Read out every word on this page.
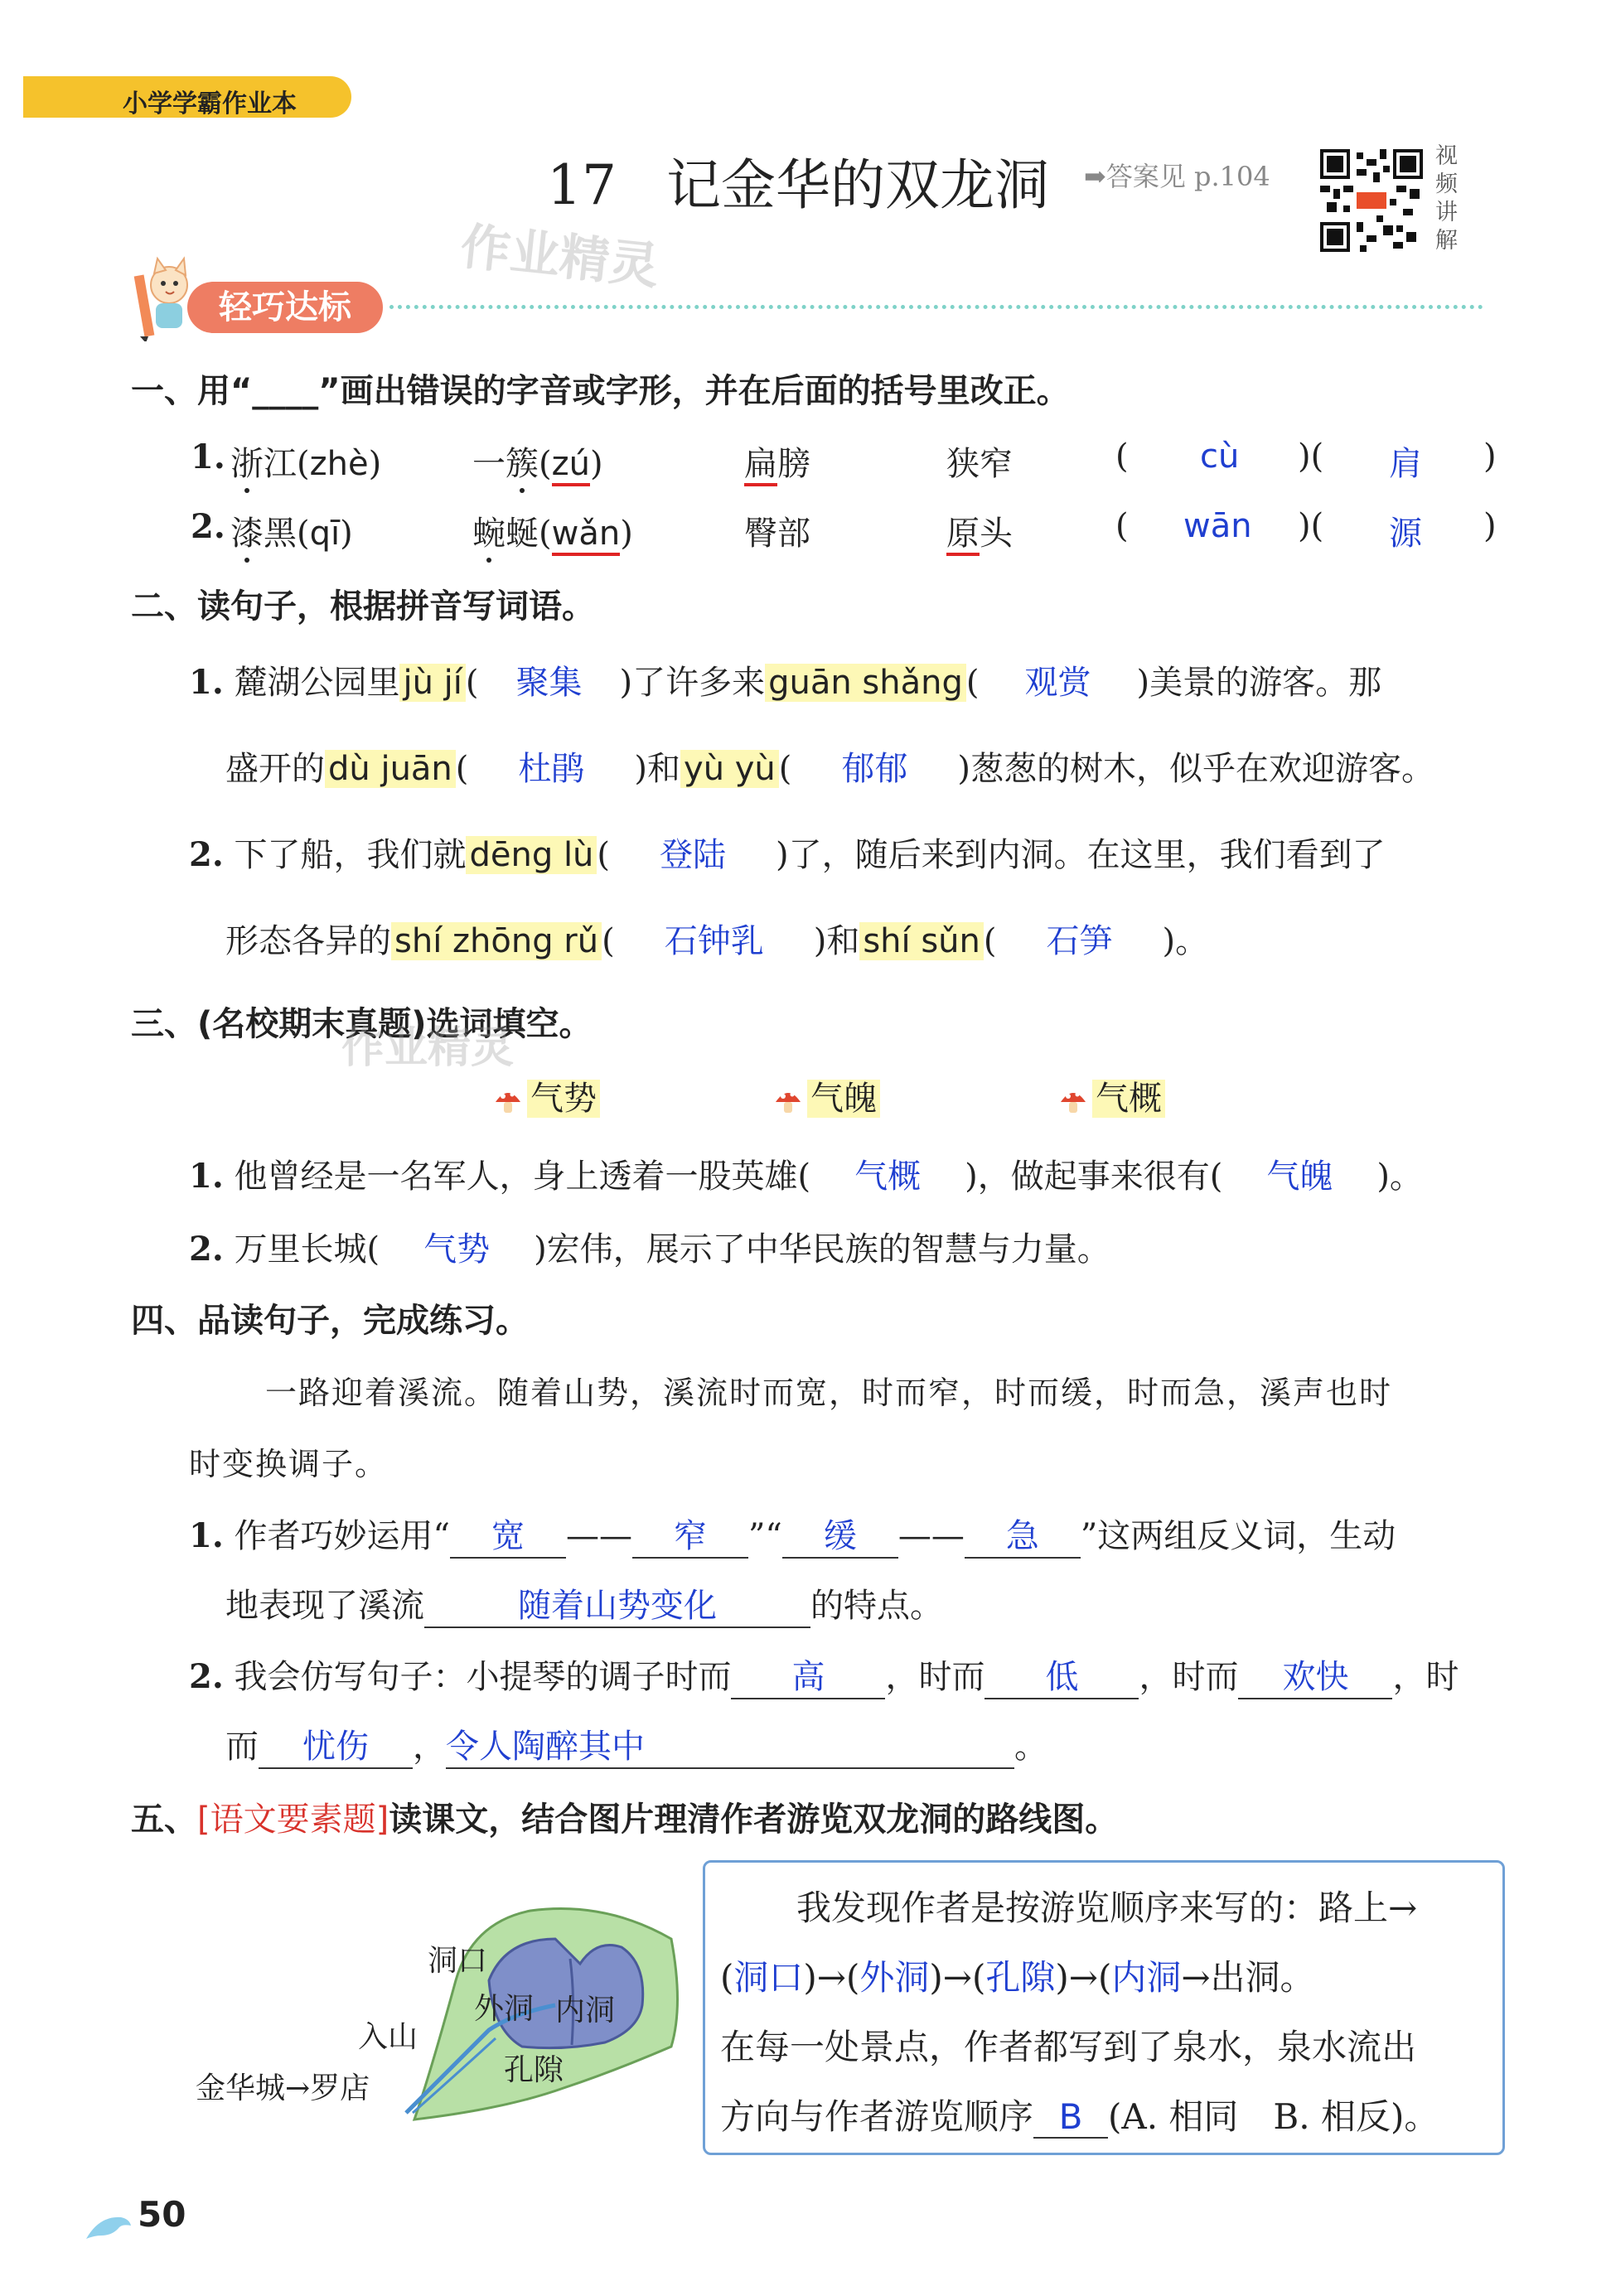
小学学霸作业本
17 记金华的双龙洞 ➡答案见 p.104
视频讲解
作业精灵
轻巧达标
一、用“____”画出错误的字音或字形，并在后面的括号里改正。
1. 浙江(zhè)	一簇(zú)	扁膀	狭窄	( cù )( 肩 )
2. 漆黑(qī)	蜿蜒(wǎn)	臀部	原头	( wān )( 源 )
二、读句子，根据拼音写词语。
1. 麓湖公园里 jù jí ( 聚集 )了许多来 guān shǎng ( 观赏 )美景的游客。那
盛开的 dù juān ( 杜鹃 )和 yù yù ( 郁郁 )葱葱的树木，似乎在欢迎游客。
2. 下了船，我们就 dēng lù ( 登陆 )了，随后来到内洞。在这里，我们看到了
形态各异的 shí zhōng rǔ ( 石钟乳 )和 shí sǔn ( 石笋 )。
三、(名校期末真题)选词填空。
作业精灵
气势	气魄	气概
1. 他曾经是一名军人，身上透着一股英雄( 气概 )，做起事来很有( 气魄 )。
2. 万里长城( 气势 )宏伟，展示了中华民族的智慧与力量。
四、品读句子，完成练习。
一路迎着溪流。随着山势，溪流时而宽，时而窄，时而缓，时而急，溪声也时
时变换调子。
1. 作者巧妙运用“ 宽 —— 窄 ”“ 缓 —— 急 ”这两组反义词，生动
地表现了溪流	随着山势变化	的特点。
2. 我会仿写句子：小提琴的调子时而 高 ，时而 低 ，时而 欢快 ，时
而 忧伤 ，令人陶醉其中	。
五、[语文要素题]读课文，结合图片理清作者游览双龙洞的路线图。
洞口
外洞 内洞
入山
孔隙
金华城→罗店
我发现作者是按游览顺序来写的：路上→
(洞口)→(外洞)→(孔隙)→(内洞→出洞。
在每一处景点，作者都写到了泉水，泉水流出
方向与作者游览顺序 B (A. 相同　B. 相反)。
50
